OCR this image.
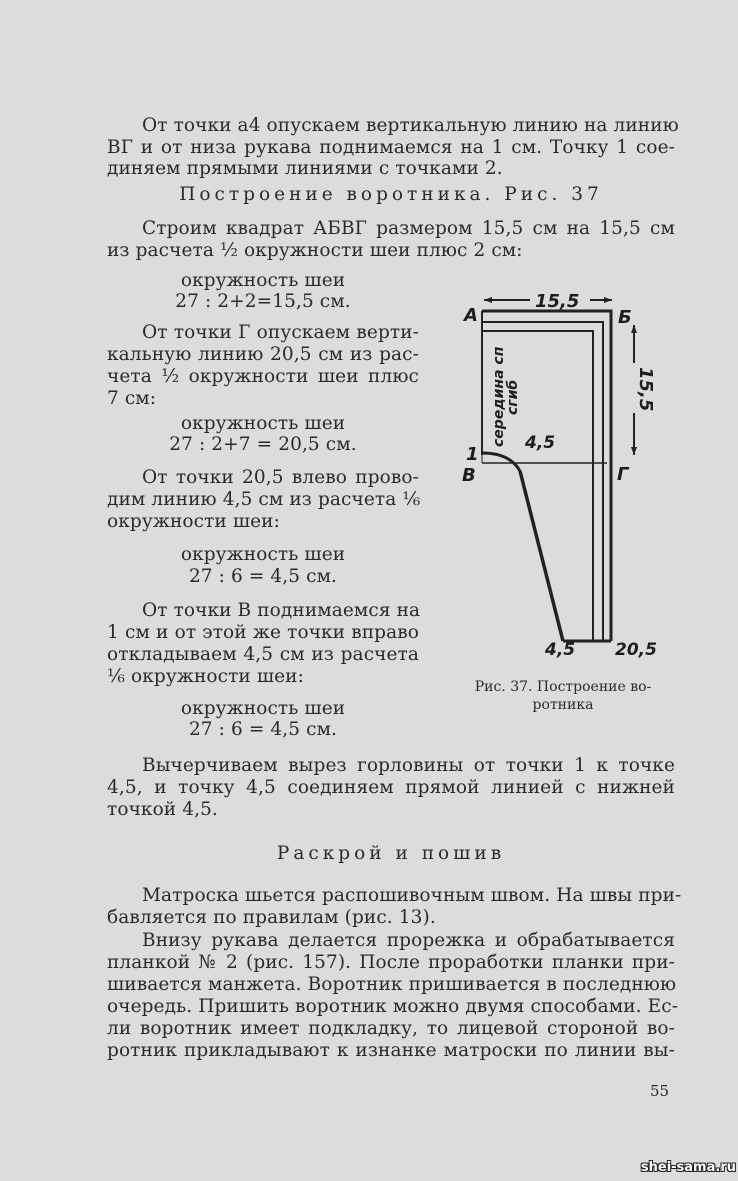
От точки а4 опускаем вертикальную линию на линию
ВГ и от низа рукава поднимаемся на 1 см. Точку 1 сое-
диняем прямыми линиями с точками 2.
Построение воротника. Рис. 37
Строим квадрат АБВГ размером 15,5 см на 15,5 см
из расчета ½ окружности шеи плюс 2 см:
окружность шеи
27 : 2+2=15,5 см.
От точки Г опускаем верти-
кальную линию 20,5 см из рас-
чета ½ окружности шеи плюс
7 см:
окружность шеи
27 : 2+7 = 20,5 см.
От точки 20,5 влево прово-
дим линию 4,5 см из расчета ⅙
окружности шеи:
окружность шеи
27 : 6 = 4,5 см.
От точки В поднимаемся на
1 см и от этой же точки вправо
откладываем 4,5 см из расчета
⅙ окружности шеи:
окружность шеи
27 : 6 = 4,5 см.
Вычерчиваем вырез горловины от точки 1 к точке
4,5, и точку 4,5 соединяем прямой линией с нижней
точкой 4,5.
Раскрой и пошив
Матроска шьется распошивочным швом. На швы при-
бавляется по правилам (рис. 13).
Внизу рукава делается прорежка и обрабатывается
планкой № 2 (рис. 157). После проработки планки при-
шивается манжета. Воротник пришивается в последнюю
очередь. Пришить воротник можно двумя способами. Ес-
ли воротник имеет подкладку, то лицевой стороной во-
ротник прикладывают к изнанке матроски по линии вы-
15,5
15,5
середина сп
сгиб
А	Б
1
В	Г
4,5
4,5 20,5
Рис. 37. Построение во-
ротника
55
shei-sama.ru
